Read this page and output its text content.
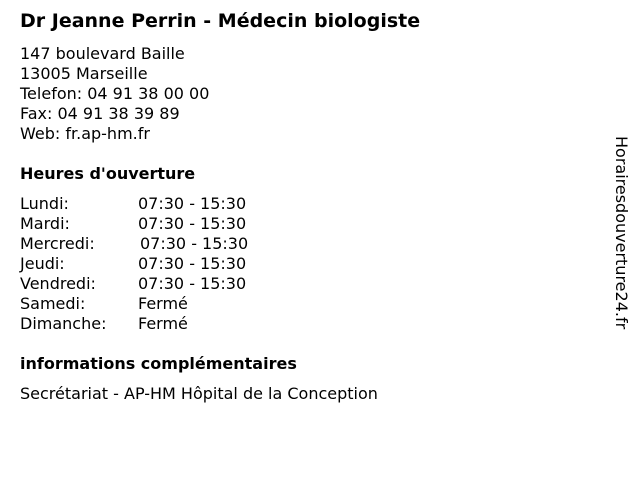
Dr Jeanne Perrin - Médecin biologiste
147 boulevard Baille
13005 Marseille
Telefon: 04 91 38 00 00
Fax: 04 91 38 39 89
Web: fr.ap-hm.fr
Heures d'ouverture
Lundi:	07:30 - 15:30
Mardi:	07:30 - 15:30
Mercredi:	07:30 - 15:30
Jeudi:	07:30 - 15:30
Vendredi:	07:30 - 15:30
Samedi:	Fermé
Dimanche: Fermé
informations complémentaires
Secrétariat - AP-HM Hôpital de la Conception
Horairesdouverture24.fr
